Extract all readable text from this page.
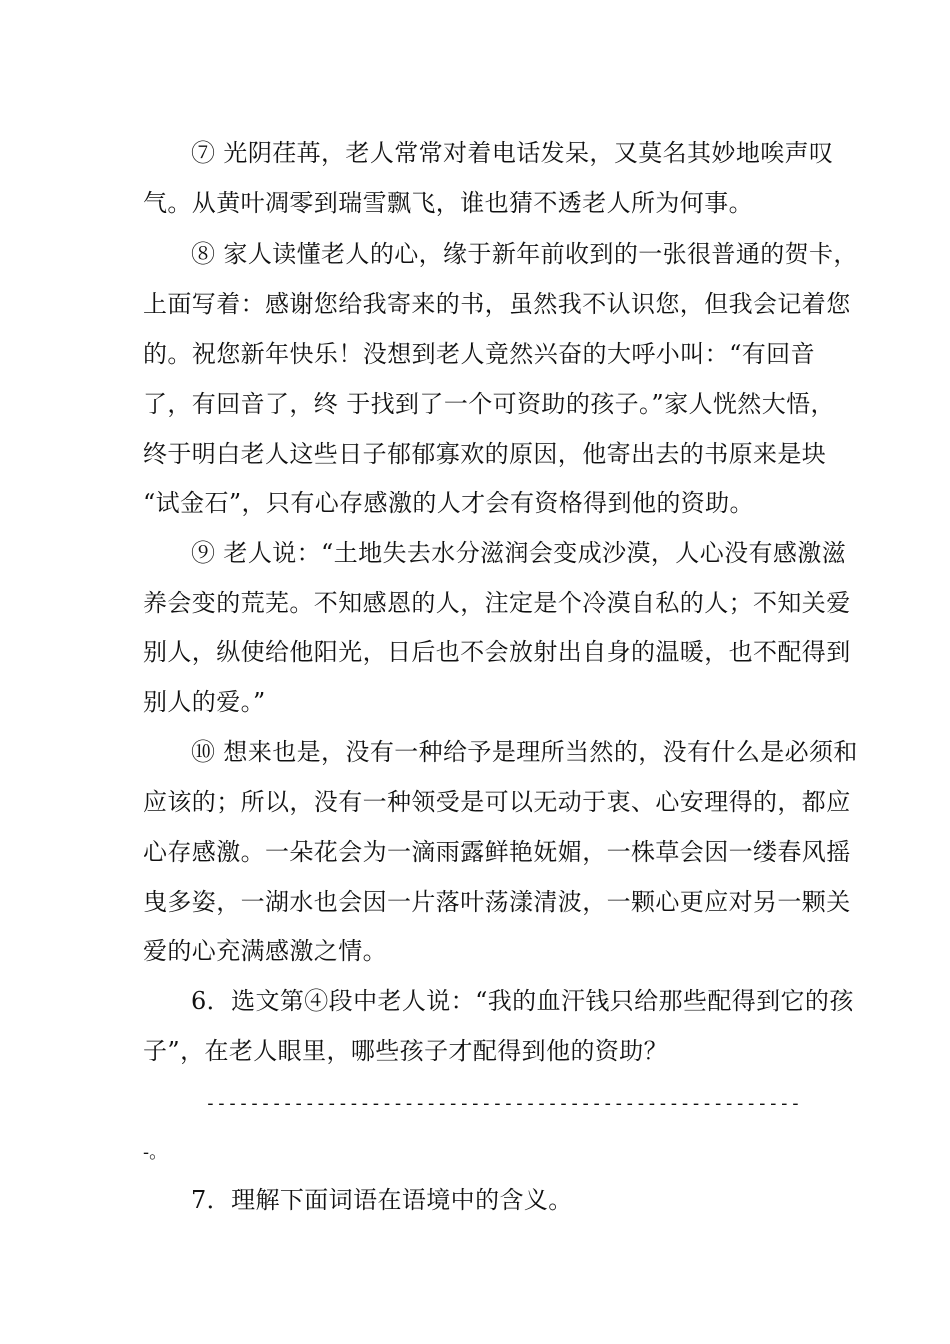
⑦ 光阴荏苒，老人常常对着电话发呆，又莫名其妙地唉声叹
气。从黄叶凋零到瑞雪飘飞，谁也猜不透老人所为何事。
⑧ 家人读懂老人的心，缘于新年前收到的一张很普通的贺卡，
上面写着：感谢您给我寄来的书，虽然我不认识您，但我会记着您
的。祝您新年快乐！没想到老人竟然兴奋的大呼小叫：“有回音
了，有回音了，终 于找到了一个可资助的孩子。”家人恍然大悟，
终于明白老人这些日子郁郁寡欢的原因，他寄出去的书原来是块
“试金石”，只有心存感激的人才会有资格得到他的资助。
⑨ 老人说：“土地失去水分滋润会变成沙漠，人心没有感激滋
养会变的荒芜。不知感恩的人，注定是个冷漠自私的人；不知关爱
别人，纵使给他阳光，日后也不会放射出自身的温暖，也不配得到
别人的爱。”
⑩ 想来也是，没有一种给予是理所当然的，没有什么是必须和
应该的；所以，没有一种领受是可以无动于衷、心安理得的，都应
心存感激。一朵花会为一滴雨露鲜艳妩媚，一株草会因一缕春风摇
曳多姿，一湖水也会因一片落叶荡漾清波，一颗心更应对另一颗关
爱的心充满感激之情。
6．选文第④段中老人说：“我的血汗钱只给那些配得到它的孩
子”，在老人眼里，哪些孩子才配得到他的资助？
------------------------------------------------------
-。
7．理解下面词语在语境中的含义。
